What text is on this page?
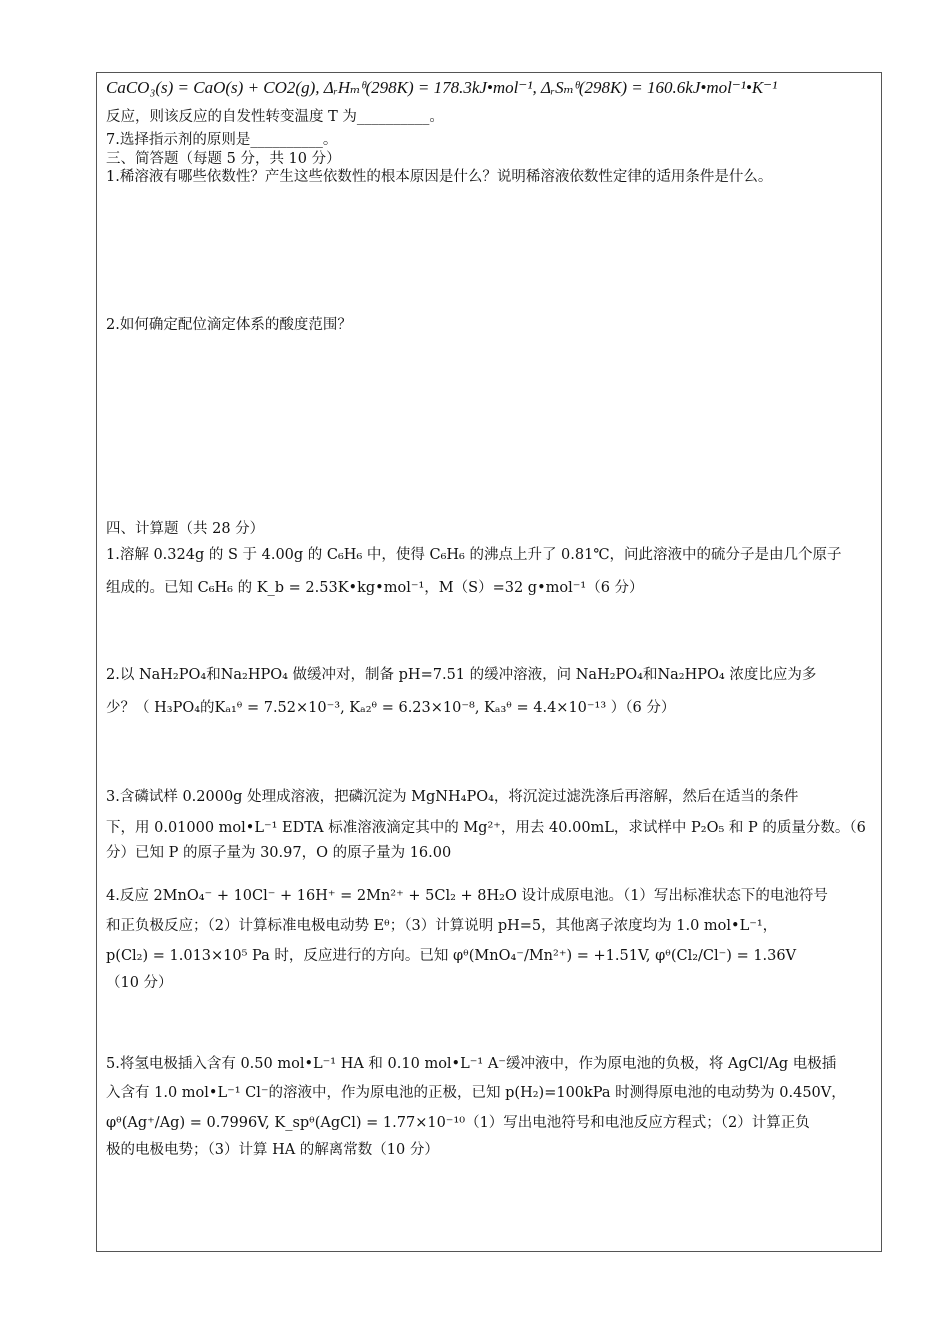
CaCO₃(s) = CaO(s) + CO2(g), ΔᵣHₘᶿ(298K) = 178.3kJ•mol⁻¹, ΔᵣSₘᶿ(298K) = 160.6kJ•mol⁻¹•K⁻¹
反应，则该反应的自发性转变温度 T 为__________。
7.选择指示剂的原则是__________。
三、简答题（每题 5 分，共 10 分）
1.稀溶液有哪些依数性？产生这些依数性的根本原因是什么？说明稀溶液依数性定律的适用条件是什么。
2.如何确定配位滴定体系的酸度范围？
四、计算题（共 28 分）
1.溶解 0.324g 的 S 于 4.00g 的 C₆H₆ 中，使得 C₆H₆ 的沸点上升了 0.81℃，问此溶液中的硫分子是由几个原子
组成的。已知 C₆H₆ 的 K_b = 2.53K•kg•mol⁻¹，M（S）=32 g•mol⁻¹（6 分）
2.以 NaH₂PO₄和Na₂HPO₄ 做缓冲对，制备 pH=7.51 的缓冲溶液，问 NaH₂PO₄和Na₂HPO₄ 浓度比应为多
少？（ H₃PO₄的Kₐ₁ᶿ = 7.52×10⁻³, Kₐ₂ᶿ = 6.23×10⁻⁸, Kₐ₃ᶿ = 4.4×10⁻¹³ ）（6 分）
3.含磷试样 0.2000g 处理成溶液，把磷沉淀为 MgNH₄PO₄，将沉淀过滤洗涤后再溶解，然后在适当的条件
下，用 0.01000 mol•L⁻¹ EDTA 标准溶液滴定其中的 Mg²⁺，用去 40.00mL，求试样中 P₂O₅ 和 P 的质量分数。（6
分）已知 P 的原子量为 30.97，O 的原子量为 16.00
4.反应 2MnO₄⁻ + 10Cl⁻ + 16H⁺ = 2Mn²⁺ + 5Cl₂ + 8H₂O 设计成原电池。（1）写出标准状态下的电池符号
和正负极反应；（2）计算标准电极电动势 Eᶿ；（3）计算说明 pH=5，其他离子浓度均为 1.0 mol•L⁻¹，
p(Cl₂) = 1.013×10⁵ Pa 时，反应进行的方向。已知 φᶿ(MnO₄⁻/Mn²⁺) = +1.51V, φᶿ(Cl₂/Cl⁻) = 1.36V
（10 分）
5.将氢电极插入含有 0.50 mol•L⁻¹ HA 和 0.10 mol•L⁻¹ A⁻缓冲液中，作为原电池的负极，将 AgCl/Ag 电极插
入含有 1.0 mol•L⁻¹ Cl⁻的溶液中，作为原电池的正极，已知 p(H₂)=100kPa 时测得原电池的电动势为 0.450V，
φᶿ(Ag⁺/Ag) = 0.7996V, K_spᶿ(AgCl) = 1.77×10⁻¹⁰（1）写出电池符号和电池反应方程式；（2）计算正负
极的电极电势；（3）计算 HA 的解离常数（10 分）
